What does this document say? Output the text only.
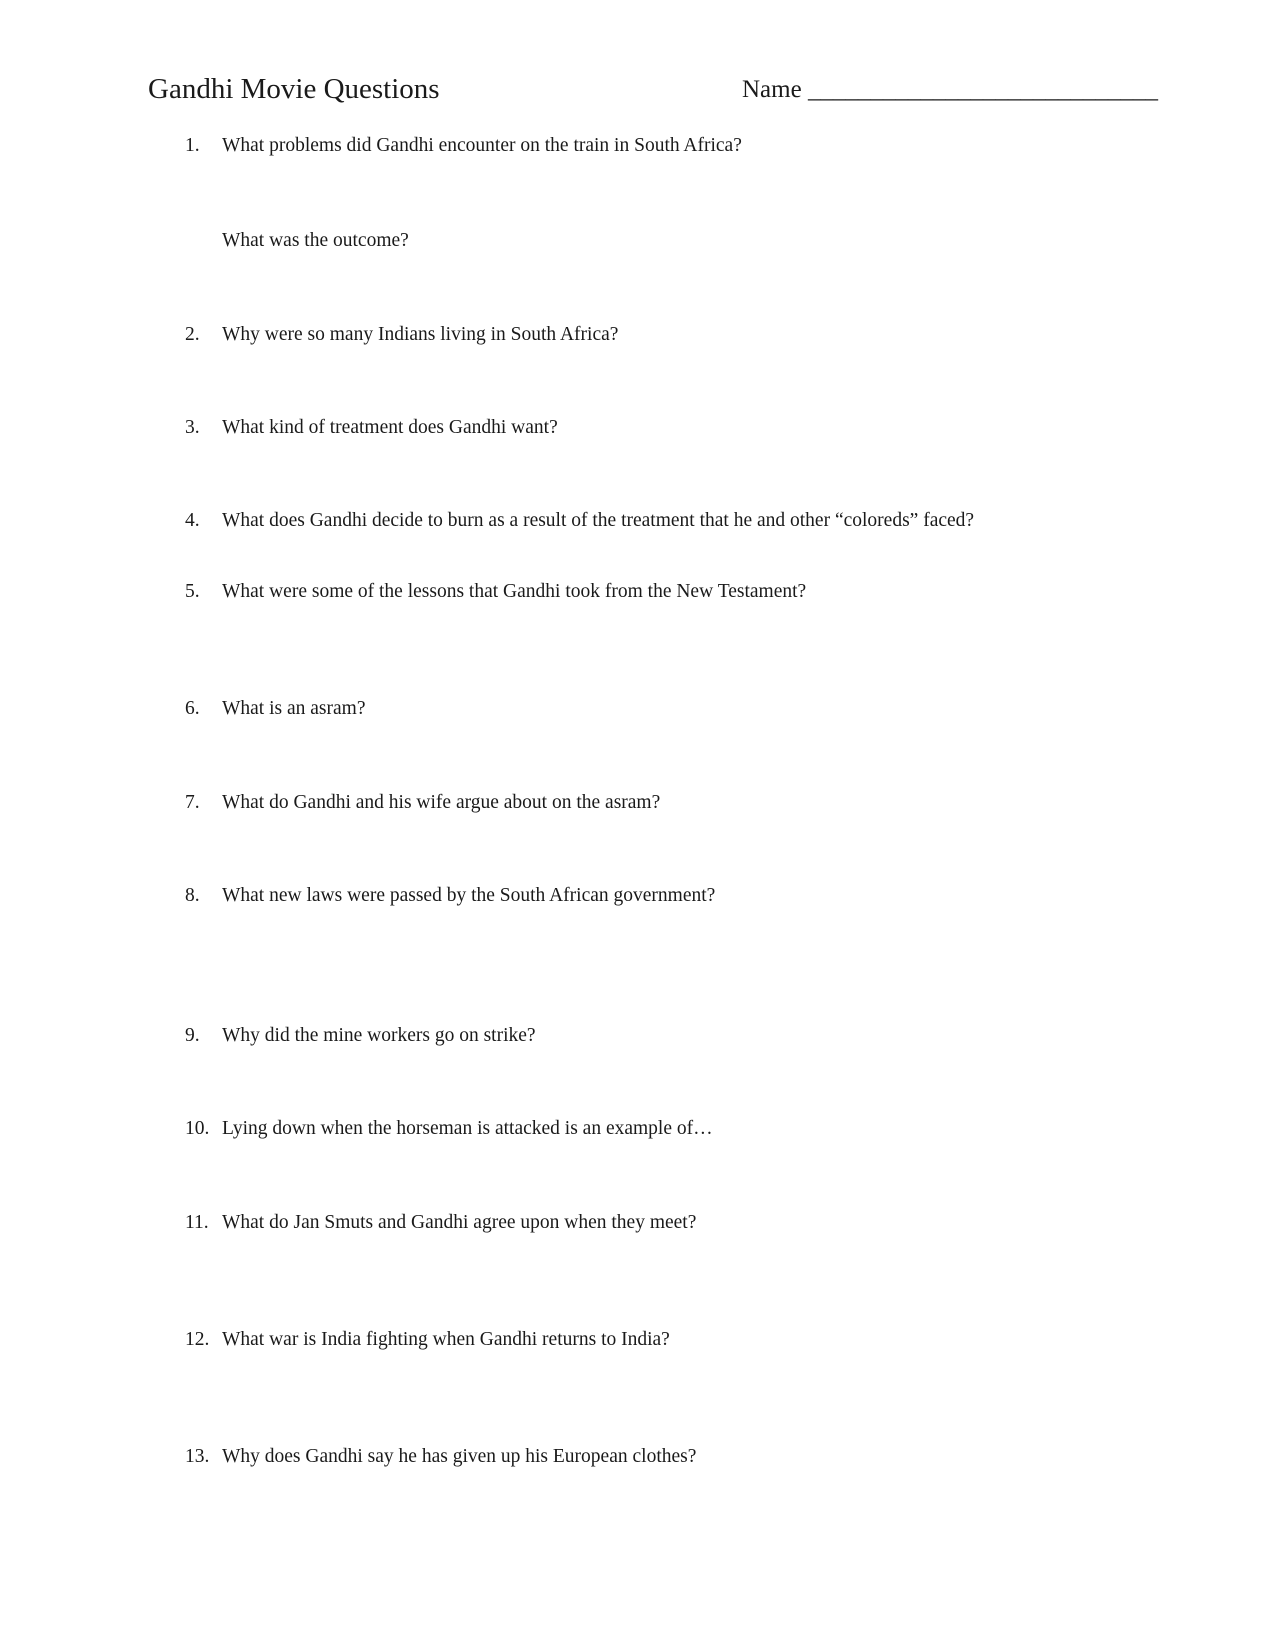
Gandhi Movie Questions	Name ____________________________
1. What problems did Gandhi encounter on the train in South Africa?
What was the outcome?
2. Why were so many Indians living in South Africa?
3. What kind of treatment does Gandhi want?
4. What does Gandhi decide to burn as a result of the treatment that he and other “coloreds” faced?
5. What were some of the lessons that Gandhi took from the New Testament?
6. What is an asram?
7. What do Gandhi and his wife argue about on the asram?
8. What new laws were passed by the South African government?
9. Why did the mine workers go on strike?
10. Lying down when the horseman is attacked is an example of…
11. What do Jan Smuts and Gandhi agree upon when they meet?
12. What war is India fighting when Gandhi returns to India?
13. Why does Gandhi say he has given up his European clothes?
